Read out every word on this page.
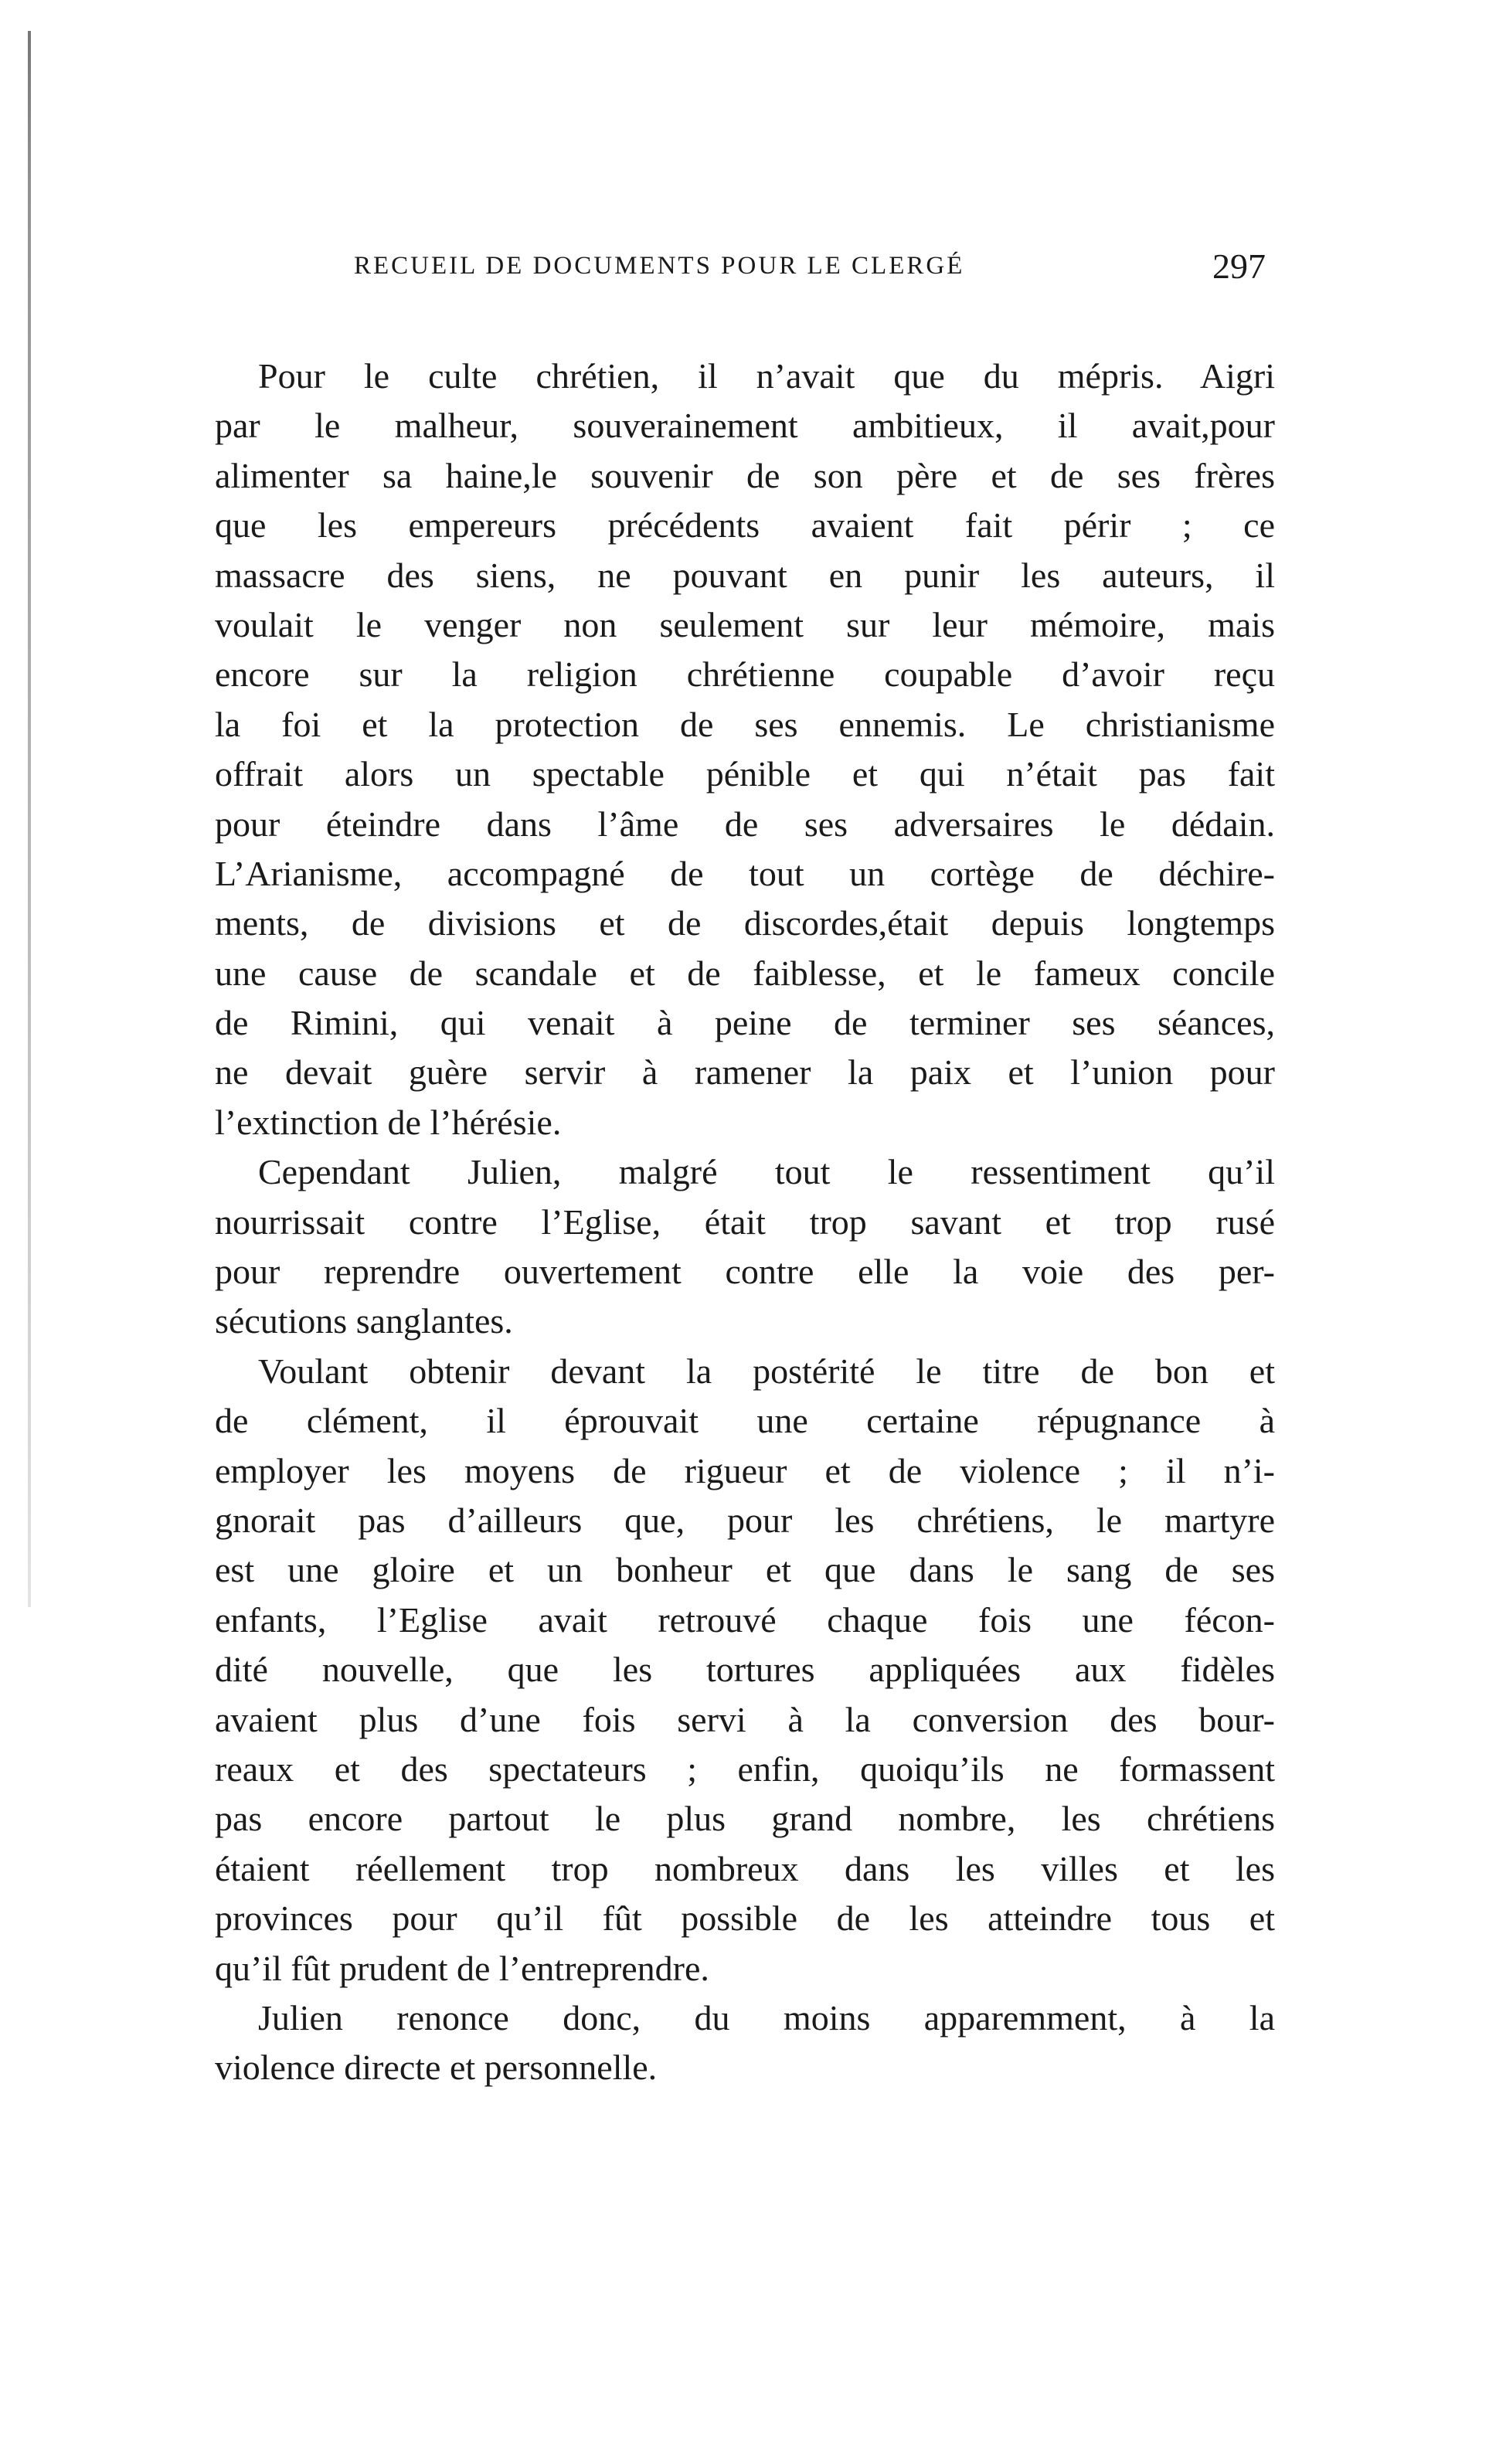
RECUEIL DE DOCUMENTS POUR LE CLERGÉ	297
Pour le culte chrétien, il n’avait que du mépris. Aigri
par le malheur, souverainement ambitieux, il avait,pour
alimenter sa haine,le souvenir de son père et de ses frères
que les empereurs précédents avaient fait périr ; ce
massacre des siens, ne pouvant en punir les auteurs, il
voulait le venger non seulement sur leur mémoire, mais
encore sur la religion chrétienne coupable d’avoir reçu
la foi et la protection de ses ennemis. Le christianisme
offrait alors un spectable pénible et qui n’était pas fait
pour éteindre dans l’âme de ses adversaires le dédain.
L’Arianisme, accompagné de tout un cortège de déchire-
ments, de divisions et de discordes,était depuis longtemps
une cause de scandale et de faiblesse, et le fameux concile
de Rimini, qui venait à peine de terminer ses séances,
ne devait guère servir à ramener la paix et l’union pour
l’extinction de l’hérésie.
Cependant Julien, malgré tout le ressentiment qu’il
nourrissait contre l’Eglise, était trop savant et trop rusé
pour reprendre ouvertement contre elle la voie des per-
sécutions sanglantes.
Voulant obtenir devant la postérité le titre de bon et
de clément, il éprouvait une certaine répugnance à
employer les moyens de rigueur et de violence ; il n’i-
gnorait pas d’ailleurs que, pour les chrétiens, le martyre
est une gloire et un bonheur et que dans le sang de ses
enfants, l’Eglise avait retrouvé chaque fois une fécon-
dité nouvelle, que les tortures appliquées aux fidèles
avaient plus d’une fois servi à la conversion des bour-
reaux et des spectateurs ; enfin, quoiqu’ils ne formassent
pas encore partout le plus grand nombre, les chrétiens
étaient réellement trop nombreux dans les villes et les
provinces pour qu’il fût possible de les atteindre tous et
qu’il fût prudent de l’entreprendre.
Julien renonce donc, du moins apparemment, à la
violence directe et personnelle.
